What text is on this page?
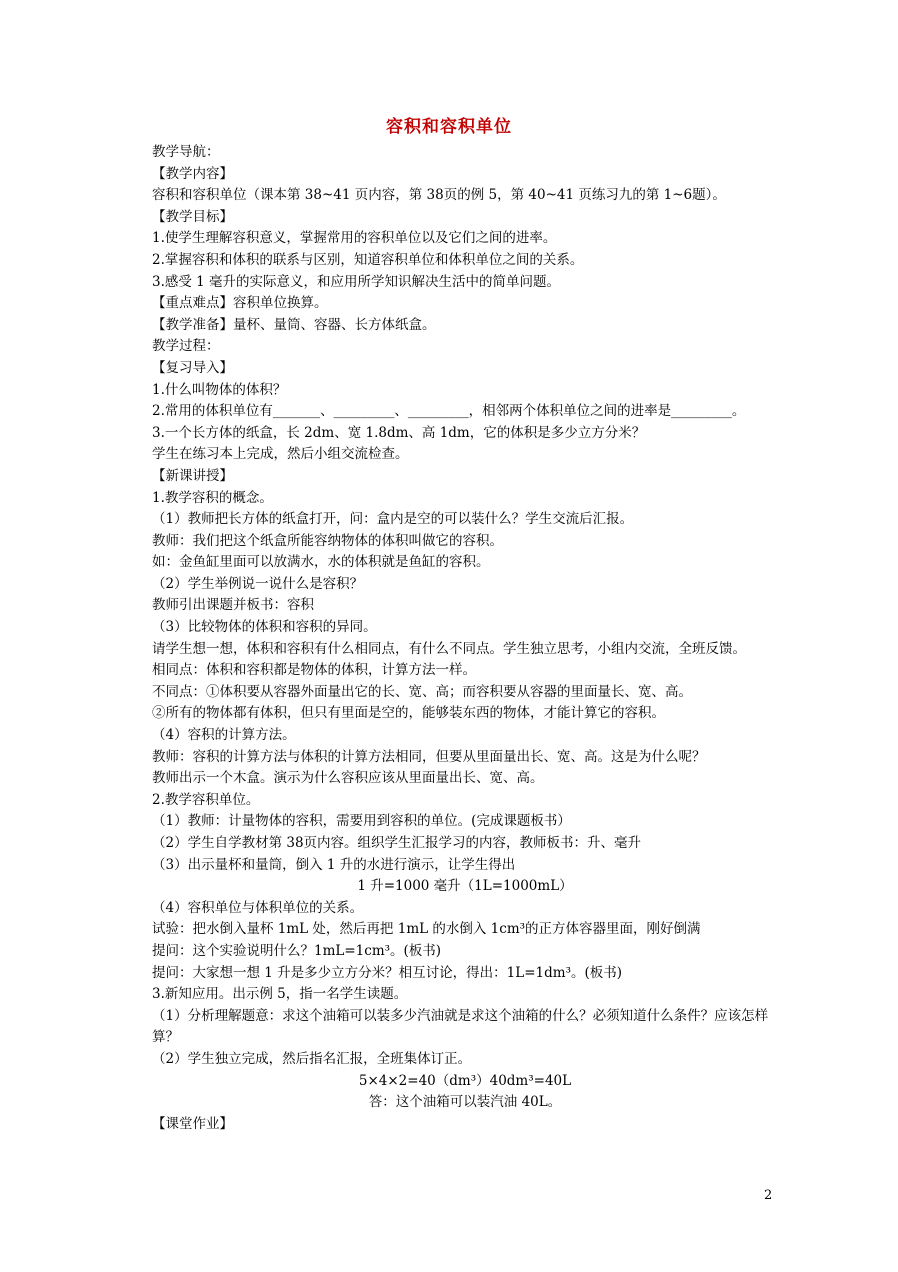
容积和容积单位

教学导航：

【教学内容】

容积和容积单位（课本第 38~41 页内容，第 38页的例 5，第 40~41 页练习九的第 1~6题）。

【教学目标】

1.使学生理解容积意义，掌握常用的容积单位以及它们之间的进率。

2.掌握容积和体积的联系与区别，知道容积单位和体积单位之间的关系。

3.感受 1 毫升的实际意义，和应用所学知识解决生活中的简单问题。

【重点难点】容积单位换算。

【教学准备】量杯、量筒、容器、长方体纸盒。

教学过程：

【复习导入】

1.什么叫物体的体积？

2.常用的体积单位有_______、_________、_________，相邻两个体积单位之间的进率是_________。

3.一个长方体的纸盒，长 2dm、宽 1.8dm、高 1dm，它的体积是多少立方分米？

学生在练习本上完成，然后小组交流检查。

【新课讲授】

1.教学容积的概念。

（1）教师把长方体的纸盒打开，问：盒内是空的可以装什么？学生交流后汇报。

教师：我们把这个纸盒所能容纳物体的体积叫做它的容积。

如：金鱼缸里面可以放满水，水的体积就是鱼缸的容积。

（2）学生举例说一说什么是容积？

教师引出课题并板书：容积

（3）比较物体的体积和容积的异同。

请学生想一想，体积和容积有什么相同点，有什么不同点。学生独立思考，小组内交流，全班反馈。

相同点：体积和容积都是物体的体积，计算方法一样。

不同点：①体积要从容器外面量出它的长、宽、高；而容积要从容器的里面量长、宽、高。

②所有的物体都有体积，但只有里面是空的，能够装东西的物体，才能计算它的容积。

（4）容积的计算方法。

教师：容积的计算方法与体积的计算方法相同，但要从里面量出长、宽、高。这是为什么呢？

教师出示一个木盒。演示为什么容积应该从里面量出长、宽、高。

2.教学容积单位。

（1）教师：计量物体的容积，需要用到容积的单位。(完成课题板书）

（2）学生自学教材第 38页内容。组织学生汇报学习的内容，教师板书：升、毫升

（3）出示量杯和量筒，倒入 1 升的水进行演示，让学生得出

1 升=1000 毫升（1L=1000mL）

（4）容积单位与体积单位的关系。

试验：把水倒入量杯 1mL 处，然后再把 1mL 的水倒入 1cm³的正方体容器里面，刚好倒满

提问：这个实验说明什么？1mL=1cm³。(板书)

提问：大家想一想 1 升是多少立方分米？相互讨论，得出：1L=1dm³。(板书)

3.新知应用。出示例 5，指一名学生读题。

（1）分析理解题意：求这个油箱可以装多少汽油就是求这个油箱的什么？必须知道什么条件？应该怎样算？

（2）学生独立完成，然后指名汇报，全班集体订正。

5×4×2=40（dm³）40dm³=40L

答：这个油箱可以装汽油 40L。

【课堂作业】

2
